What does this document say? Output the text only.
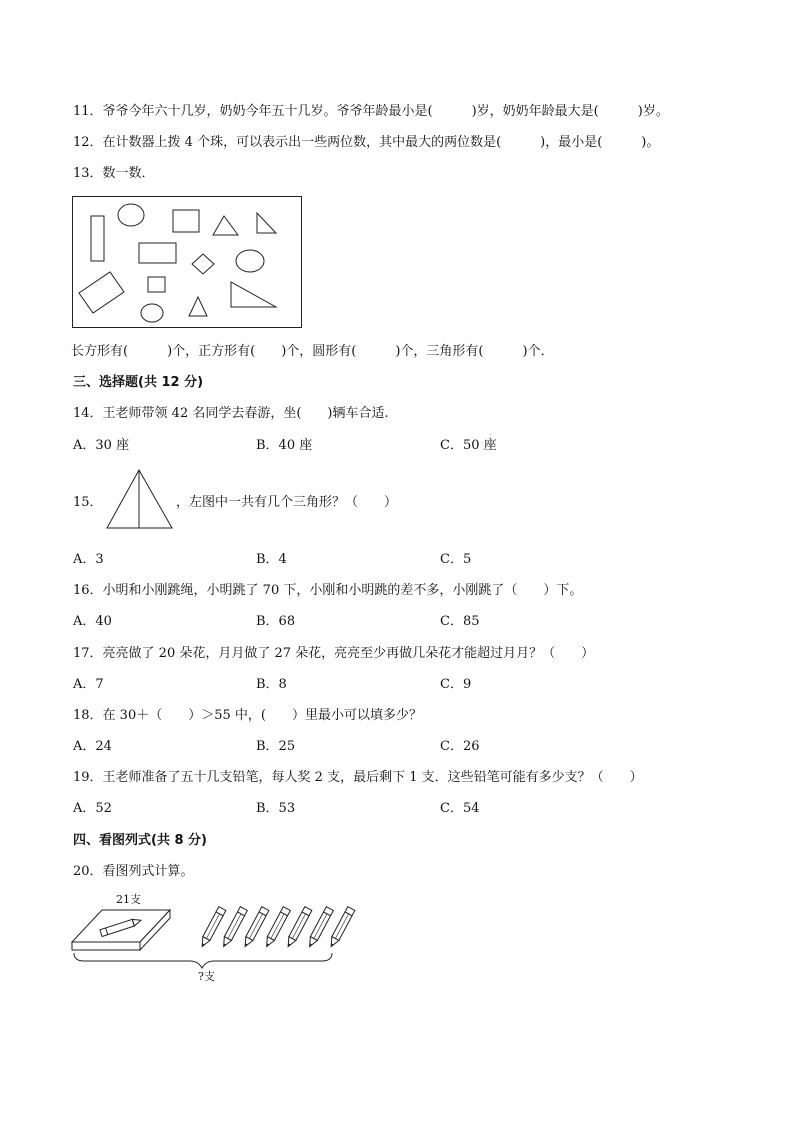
11．爷爷今年六十几岁，奶奶今年五十几岁。爷爷年龄最小是(　　　)岁，奶奶年龄最大是(　　　)岁。
12．在计数器上拨 4 个珠，可以表示出一些两位数，其中最大的两位数是(　　　)，最小是(　　　)。
13．数一数．
长方形有(　　　)个，正方形有(　　)个，圆形有(　　　)个，三角形有(　　　)个．
三、选择题(共 12 分)
14．王老师带领 42 名同学去春游，坐(　　)辆车合适.
A．30 座	B．40 座	C．50 座
15．	，左图中一共有几个三角形？（　　）
A．3	B．4	C．5
16．小明和小刚跳绳，小明跳了 70 下，小刚和小明跳的差不多，小刚跳了（　　）下。
A．40	B．68	C．85
17．亮亮做了 20 朵花，月月做了 27 朵花，亮亮至少再做几朵花才能超过月月？（　　）
A．7	B．8	C．9
18．在 30＋（　　）＞55 中，(　　）里最小可以填多少？
A．24	B．25	C．26
19．王老师准备了五十几支铅笔，每人奖 2 支，最后剩下 1 支．这些铅笔可能有多少支？（　　）
A．52	B．53	C．54
四、看图列式(共 8 分)
20．看图列式计算。
21支
?支
